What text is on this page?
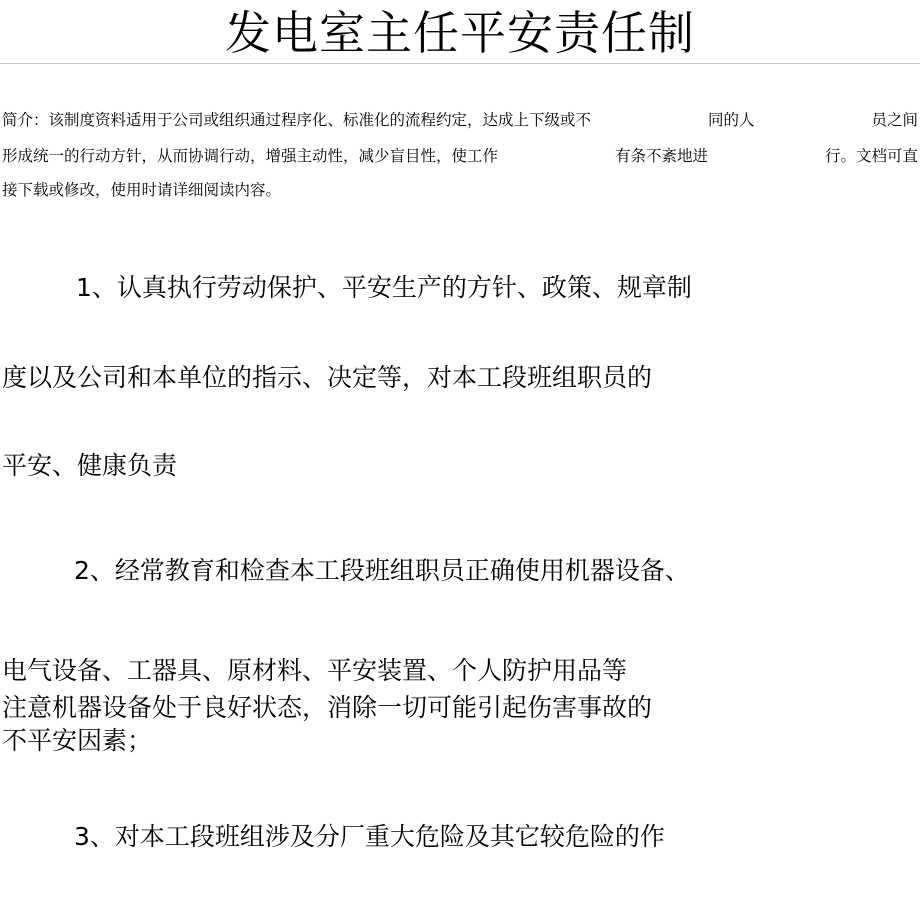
发电室主任平安责任制
简介：该制度资料适用于公司或组织通过程序化、标准化的流程约定，达成上下级或不	同的人	员之间
形成统一的行动方针，从而协调行动，增强主动性，减少盲目性，使工作	有条不紊地进	行。文档可直
接下载或修改，使用时请详细阅读内容。
1、认真执行劳动保护、平安生产的方针、政策、规章制
度以及公司和本单位的指示、决定等，对本工段班组职员的
平安、健康负责
2、经常教育和检查本工段班组职员正确使用机器设备、
电气设备、工器具、原材料、平安装置、个人防护用品等
注意机器设备处于良好状态，消除一切可能引起伤害事故的
不平安因素；
3、对本工段班组涉及分厂重大危险及其它较危险的作
